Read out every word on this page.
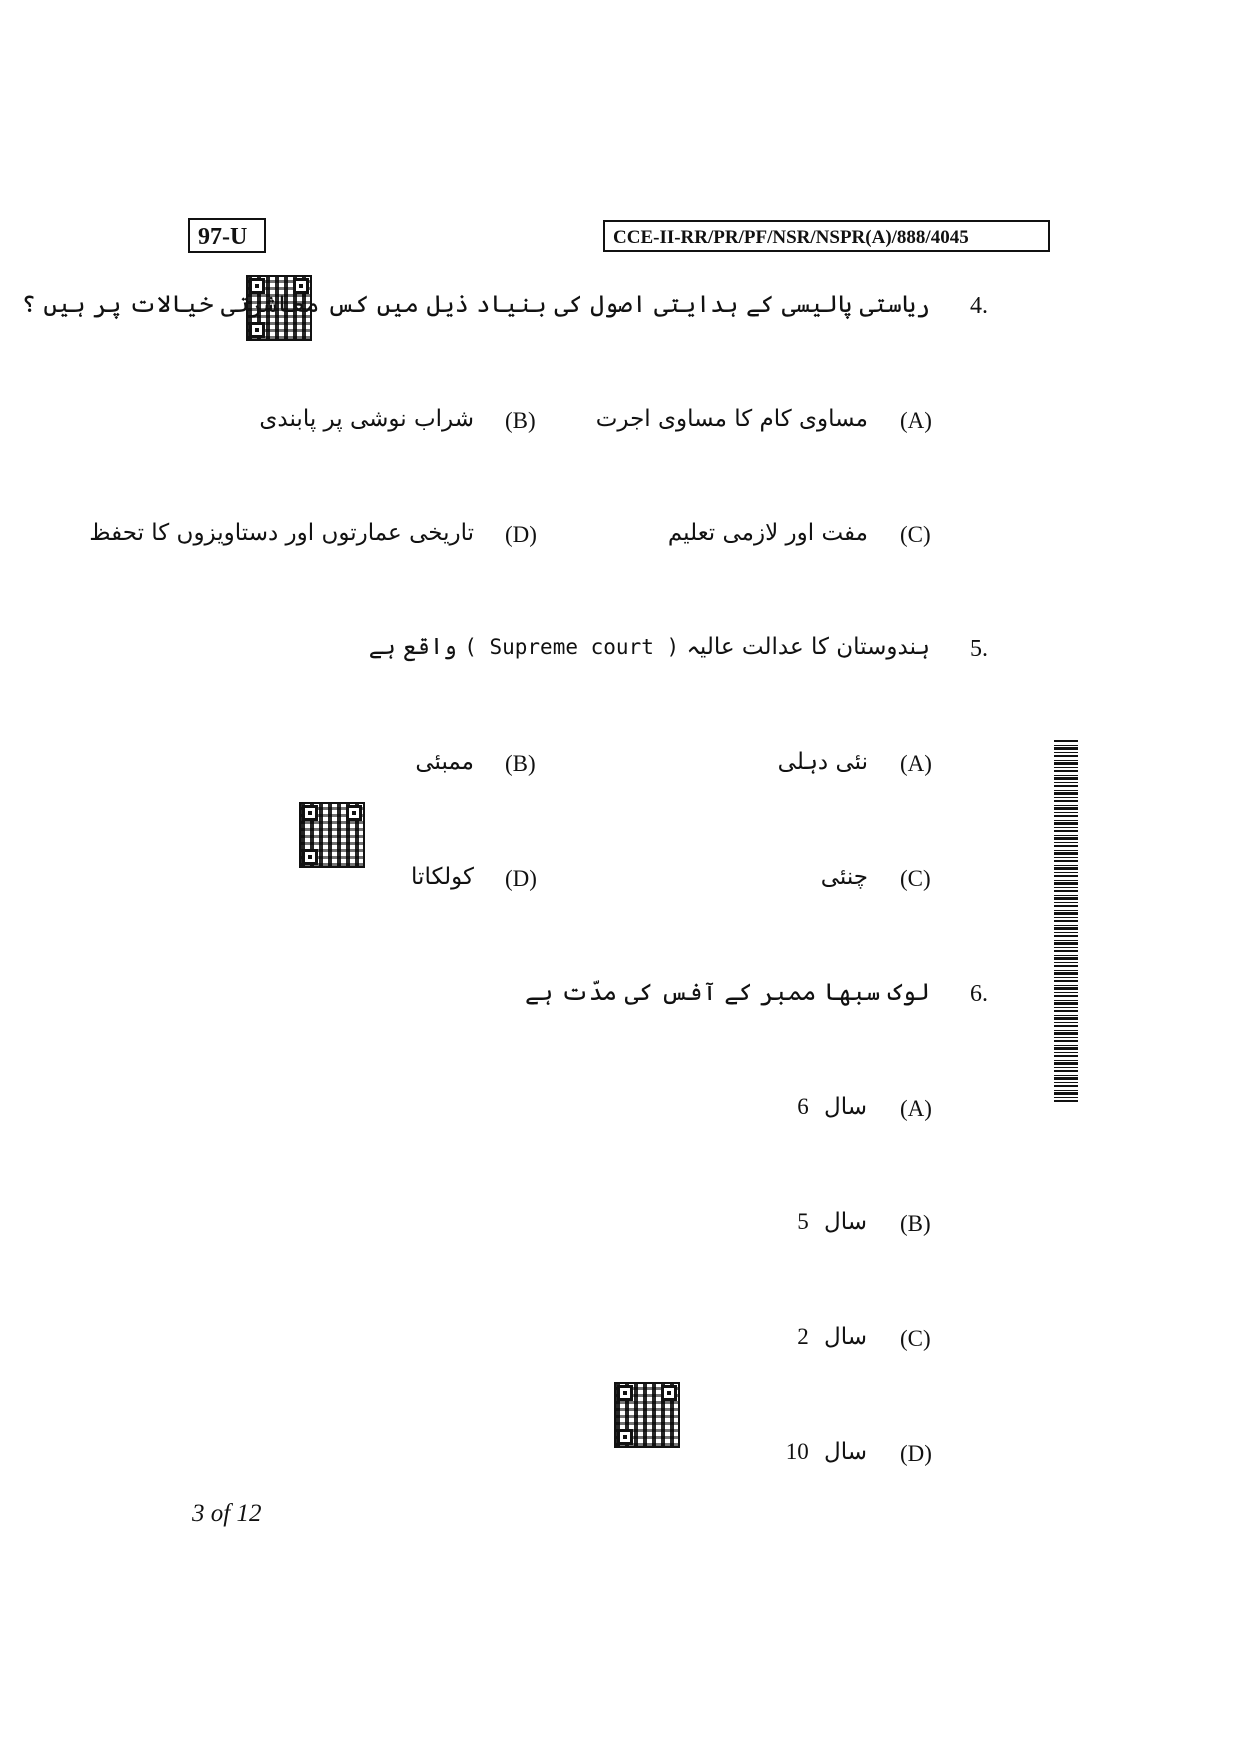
97-U	CCE-II-RR/PR/PF/NSR/NSPR(A)/888/4045
4.
ریاستی پالیسی کے ہدایتی اصول کی بنیاد ذیل میں کس معاشرتی خیالات پر ہیں ؟
(A)
مساوی کام کا مساوی اجرت
(B)
شراب نوشی پر پابندی
(C)
مفت اور لازمی تعلیم
(D)
تاریخی عمارتوں اور دستاویزوں کا تحفظ
5.
ہندوستان کا عدالت عالیہ ( Supreme court ) واقع ہے
(A)
نئی دہلی
(B)
ممبئی
(C)
چنئی
(D)
کولکاتا
6.
لوک سبھا ممبر کے آفس کی مدّت ہے
(A)
سال 6
(B)
سال 5
(C)
سال 2
(D)
سال 10
3 of 12
